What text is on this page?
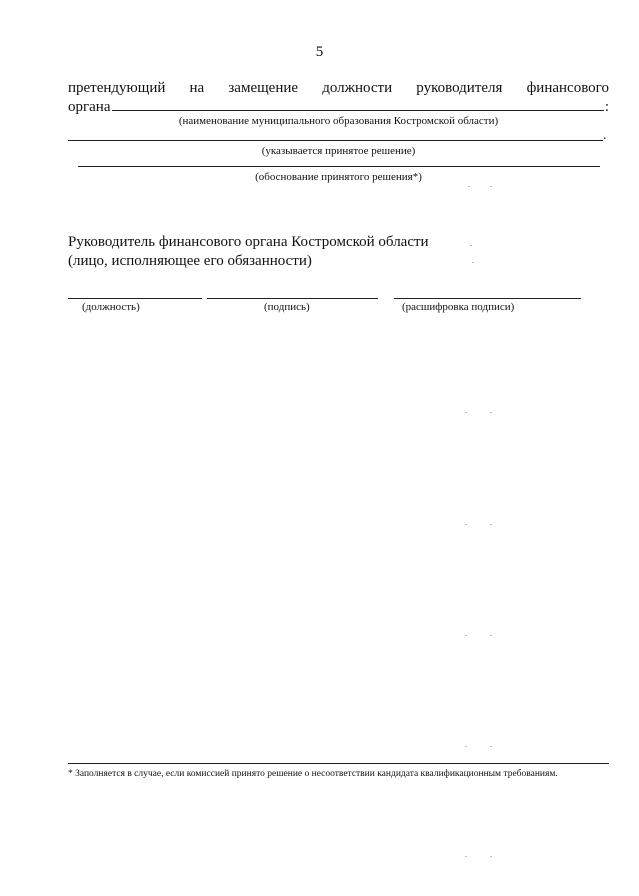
5
претендующий на замещение должности руководителя финансового
органа	:
(наименование муниципального образования Костромской области)
.
(указывается принятое решение)
(обоснование принятого решения*)
Руководитель финансового органа Костромской области
(лицо, исполняющее его обязанности)
(должность)	(подпись)	(расшифровка подписи)
* Заполняется в случае, если комиссией принято решение о несоответствии кандидата квалификационным требованиям.
